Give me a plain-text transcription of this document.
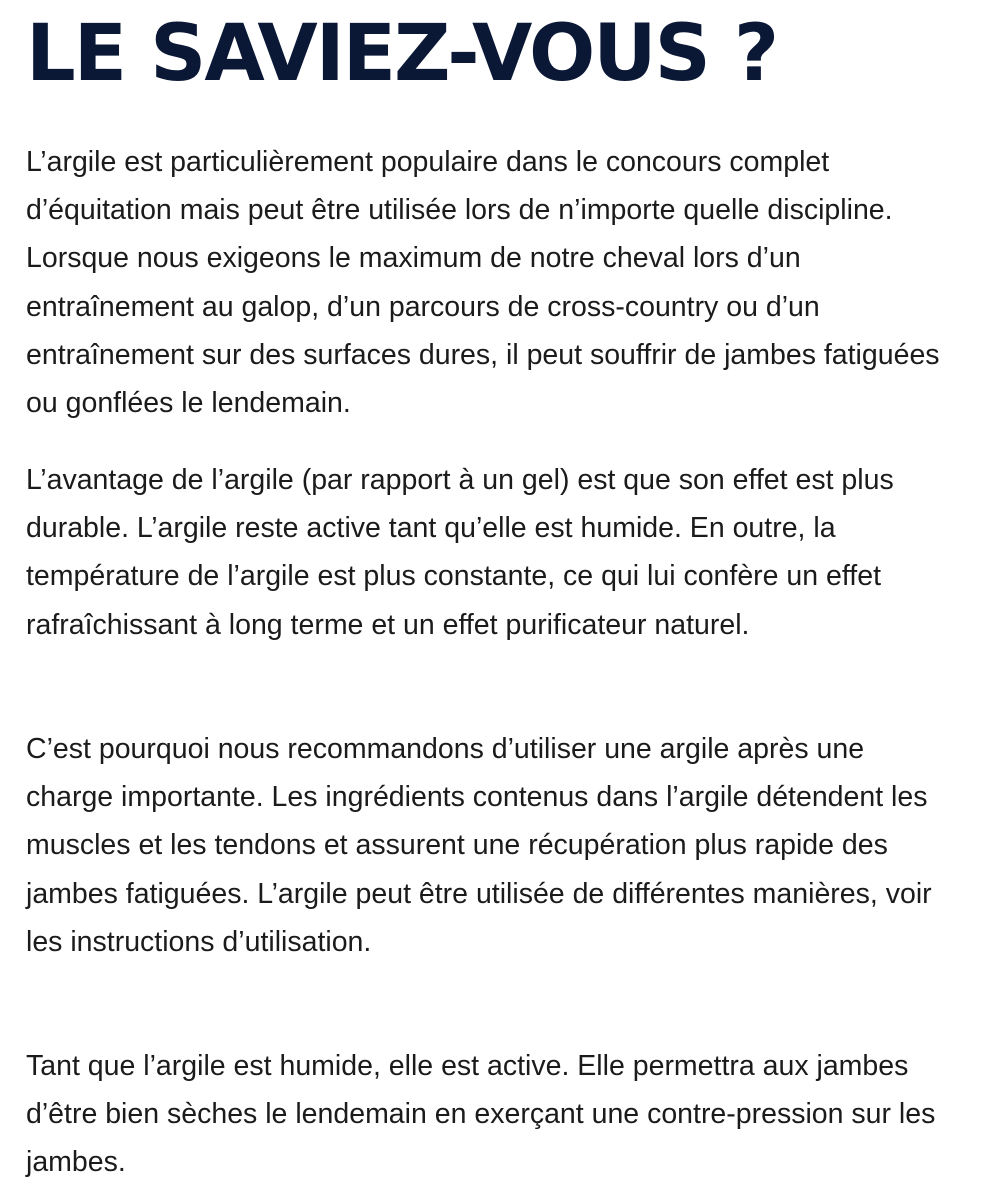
LE SAVIEZ-VOUS ?

L’argile est particulièrement populaire dans le concours complet d’équitation mais peut être utilisée lors de n’importe quelle discipline. Lorsque nous exigeons le maximum de notre cheval lors d’un entraînement au galop, d’un parcours de cross-country ou d’un entraînement sur des surfaces dures, il peut souffrir de jambes fatiguées ou gonflées le lendemain.

L’avantage de l’argile (par rapport à un gel) est que son effet est plus durable. L’argile reste active tant qu’elle est humide. En outre, la température de l’argile est plus constante, ce qui lui confère un effet rafraîchissant à long terme et un effet purificateur naturel.

C’est pourquoi nous recommandons d’utiliser une argile après une charge importante. Les ingrédients contenus dans l’argile détendent les muscles et les tendons et assurent une récupération plus rapide des jambes fatiguées. L’argile peut être utilisée de différentes manières, voir les instructions d’utilisation.

Tant que l’argile est humide, elle est active. Elle permettra aux jambes d’être bien sèches le lendemain en exerçant une contre-pression sur les jambes.
